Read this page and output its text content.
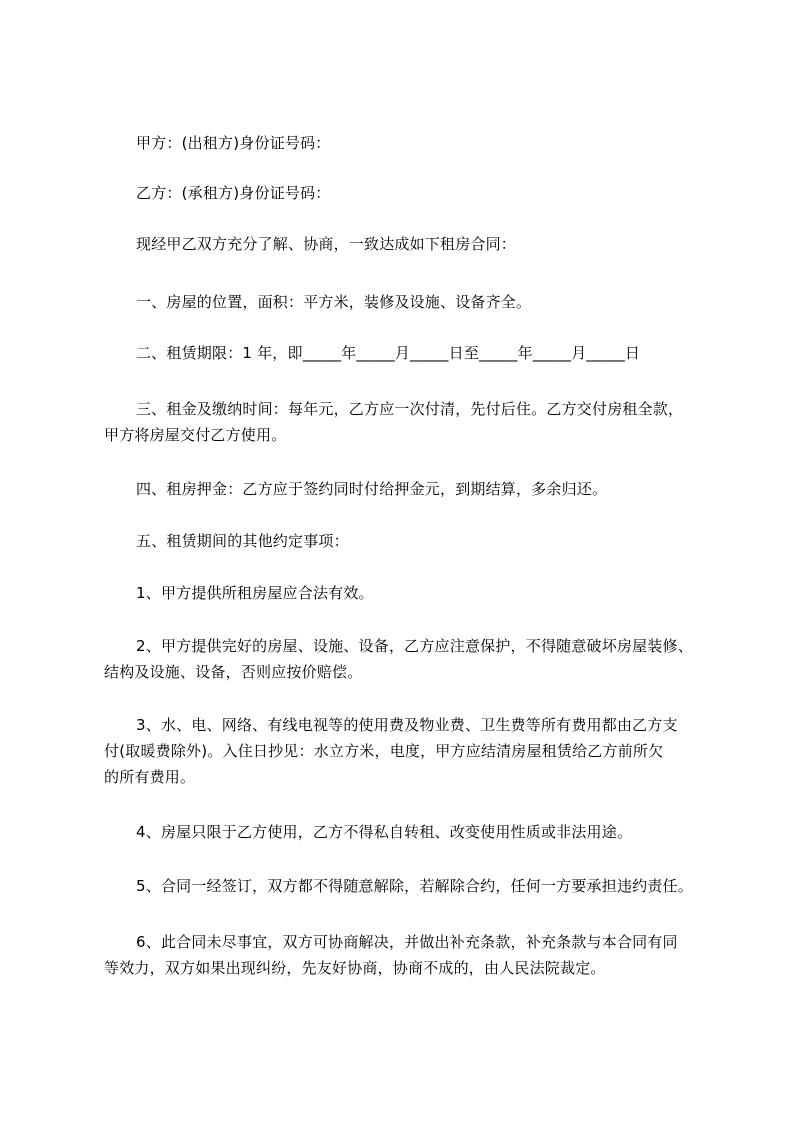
甲方：(出租方)身份证号码：
乙方：(承租方)身份证号码：
现经甲乙双方充分了解、协商，一致达成如下租房合同：
一、房屋的位置，面积：平方米，装修及设施、设备齐全。
二、租赁期限：1 年，即_____年_____月_____日至_____年_____月_____日
三、租金及缴纳时间：每年元，乙方应一次付清，先付后住。乙方交付房租全款，
甲方将房屋交付乙方使用。
四、租房押金：乙方应于签约同时付给押金元，到期结算，多余归还。
五、租赁期间的其他约定事项：
1、甲方提供所租房屋应合法有效。
2、甲方提供完好的房屋、设施、设备，乙方应注意保护，不得随意破坏房屋装修、
结构及设施、设备，否则应按价赔偿。
3、水、电、网络、有线电视等的使用费及物业费、卫生费等所有费用都由乙方支
付(取暖费除外)。入住日抄见：水立方米，电度，甲方应结清房屋租赁给乙方前所欠
的所有费用。
4、房屋只限于乙方使用，乙方不得私自转租、改变使用性质或非法用途。
5、合同一经签订，双方都不得随意解除，若解除合约，任何一方要承担违约责任。
6、此合同未尽事宜，双方可协商解决，并做出补充条款，补充条款与本合同有同
等效力，双方如果出现纠纷，先友好协商，协商不成的，由人民法院裁定。
